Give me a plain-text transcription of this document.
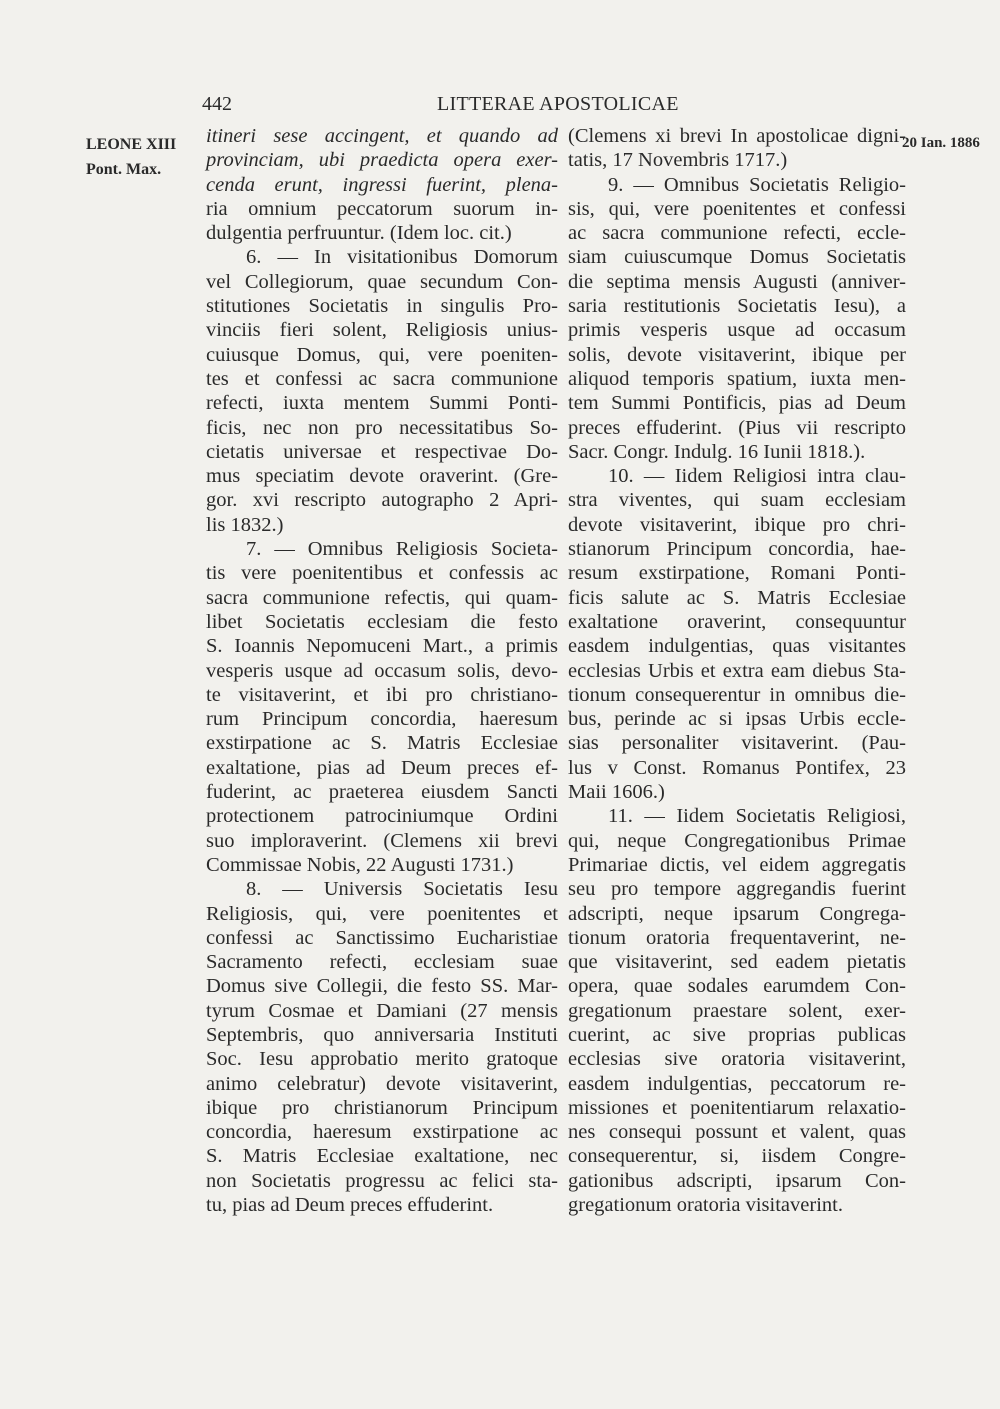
442	LITTERAE APOSTOLICAE
LEONE XIII
Pont. Max.
20 Ian. 1886
itineri sese accingent, et quando ad
provinciam, ubi praedicta opera exer-
cenda erunt, ingressi fuerint, plena-
ria omnium peccatorum suorum in-
dulgentia perfruuntur. (Idem loc. cit.)
6. — In visitationibus Domorum
vel Collegiorum, quae secundum Con-
stitutiones Societatis in singulis Pro-
vinciis fieri solent, Religiosis unius-
cuiusque Domus, qui, vere poeniten-
tes et confessi ac sacra communione
refecti, iuxta mentem Summi Ponti-
ficis, nec non pro necessitatibus So-
cietatis universae et respectivae Do-
mus speciatim devote oraverint. (Gre-
gor. xvi rescripto autographo 2 Apri-
lis 1832.)
7. — Omnibus Religiosis Societa-
tis vere poenitentibus et confessis ac
sacra communione refectis, qui quam-
libet Societatis ecclesiam die festo
S. Ioannis Nepomuceni Mart., a primis
vesperis usque ad occasum solis, devo-
te visitaverint, et ibi pro christiano-
rum Principum concordia, haeresum
exstirpatione ac S. Matris Ecclesiae
exaltatione, pias ad Deum preces ef-
fuderint, ac praeterea eiusdem Sancti
protectionem patrociniumque Ordini
suo imploraverint. (Clemens xii brevi
Commissae Nobis, 22 Augusti 1731.)
8. — Universis Societatis Iesu
Religiosis, qui, vere poenitentes et
confessi ac Sanctissimo Eucharistiae
Sacramento refecti, ecclesiam suae
Domus sive Collegii, die festo SS. Mar-
tyrum Cosmae et Damiani (27 mensis
Septembris, quo anniversaria Instituti
Soc. Iesu approbatio merito gratoque
animo celebratur) devote visitaverint,
ibique pro christianorum Principum
concordia, haeresum exstirpatione ac
S. Matris Ecclesiae exaltatione, nec
non Societatis progressu ac felici sta-
tu, pias ad Deum preces effuderint.
(Clemens xi brevi In apostolicae digni-
tatis, 17 Novembris 1717.)
9. — Omnibus Societatis Religio-
sis, qui, vere poenitentes et confessi
ac sacra communione refecti, eccle-
siam cuiuscumque Domus Societatis
die septima mensis Augusti (anniver-
saria restitutionis Societatis Iesu), a
primis vesperis usque ad occasum
solis, devote visitaverint, ibique per
aliquod temporis spatium, iuxta men-
tem Summi Pontificis, pias ad Deum
preces effuderint. (Pius vii rescripto
Sacr. Congr. Indulg. 16 Iunii 1818.).
10. — Iidem Religiosi intra clau-
stra viventes, qui suam ecclesiam
devote visitaverint, ibique pro chri-
stianorum Principum concordia, hae-
resum exstirpatione, Romani Ponti-
ficis salute ac S. Matris Ecclesiae
exaltatione oraverint, consequuntur
easdem indulgentias, quas visitantes
ecclesias Urbis et extra eam diebus Sta-
tionum consequerentur in omnibus die-
bus, perinde ac si ipsas Urbis eccle-
sias personaliter visitaverint. (Pau-
lus v Const. Romanus Pontifex, 23
Maii 1606.)
11. — Iidem Societatis Religiosi,
qui, neque Congregationibus Primae
Primariae dictis, vel eidem aggregatis
seu pro tempore aggregandis fuerint
adscripti, neque ipsarum Congrega-
tionum oratoria frequentaverint, ne-
que visitaverint, sed eadem pietatis
opera, quae sodales earumdem Con-
gregationum praestare solent, exer-
cuerint, ac sive proprias publicas
ecclesias sive oratoria visitaverint,
easdem indulgentias, peccatorum re-
missiones et poenitentiarum relaxatio-
nes consequi possunt et valent, quas
consequerentur, si, iisdem Congre-
gationibus adscripti, ipsarum Con-
gregationum oratoria visitaverint.
